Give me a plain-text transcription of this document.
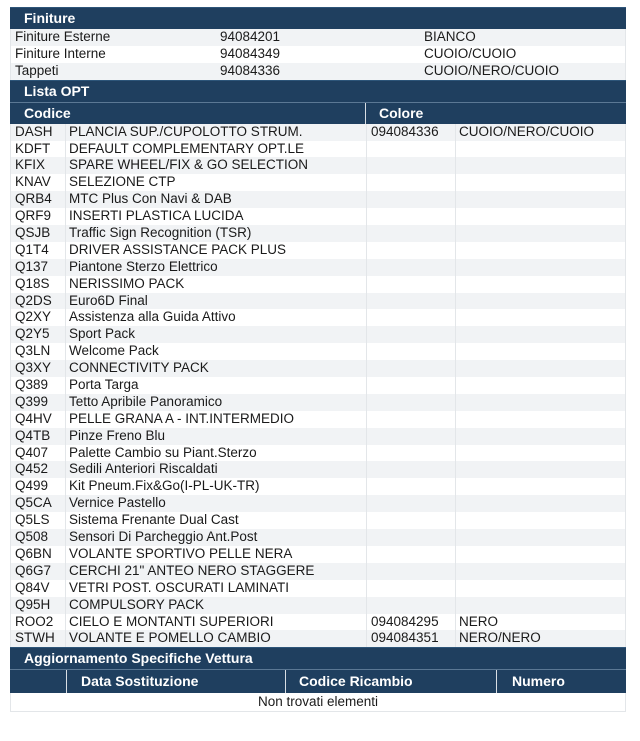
Finiture
Finiture Esterne	94084201	BIANCO
Finiture Interne	94084349	CUOIO/CUOIO
Tappeti	94084336	CUOIO/NERO/CUOIO
Lista OPT
Codice	Colore
DASH	PLANCIA SUP./CUPOLOTTO STRUM.	094084336	CUOIO/NERO/CUOIO
KDFT	DEFAULT COMPLEMENTARY OPT.LE
KFIX	SPARE WHEEL/FIX & GO SELECTION
KNAV	SELEZIONE CTP
QRB4	MTC Plus Con Navi & DAB
QRF9	INSERTI PLASTICA LUCIDA
QSJB	Traffic Sign Recognition (TSR)
Q1T4	DRIVER ASSISTANCE PACK PLUS
Q137	Piantone Sterzo Elettrico
Q18S	NERISSIMO PACK
Q2DS	Euro6D Final
Q2XY	Assistenza alla Guida Attivo
Q2Y5	Sport Pack
Q3LN	Welcome Pack
Q3XY	CONNECTIVITY PACK
Q389	Porta Targa
Q399	Tetto Apribile Panoramico
Q4HV	PELLE GRANA A - INT.INTERMEDIO
Q4TB	Pinze Freno Blu
Q407	Palette Cambio su Piant.Sterzo
Q452	Sedili Anteriori Riscaldati
Q499	Kit Pneum.Fix&Go(I-PL-UK-TR)
Q5CA	Vernice Pastello
Q5LS	Sistema Frenante Dual Cast
Q508	Sensori Di Parcheggio Ant.Post
Q6BN	VOLANTE SPORTIVO PELLE NERA
Q6G7	CERCHI 21" ANTEO NERO STAGGERE
Q84V	VETRI POST. OSCURATI LAMINATI
Q95H	COMPULSORY PACK
ROO2	CIELO E MONTANTI SUPERIORI	094084295	NERO
STWH	VOLANTE E POMELLO CAMBIO	094084351	NERO/NERO
Aggiornamento Specifiche Vettura
Data Sostituzione	Codice Ricambio	Numero
Non trovati elementi
